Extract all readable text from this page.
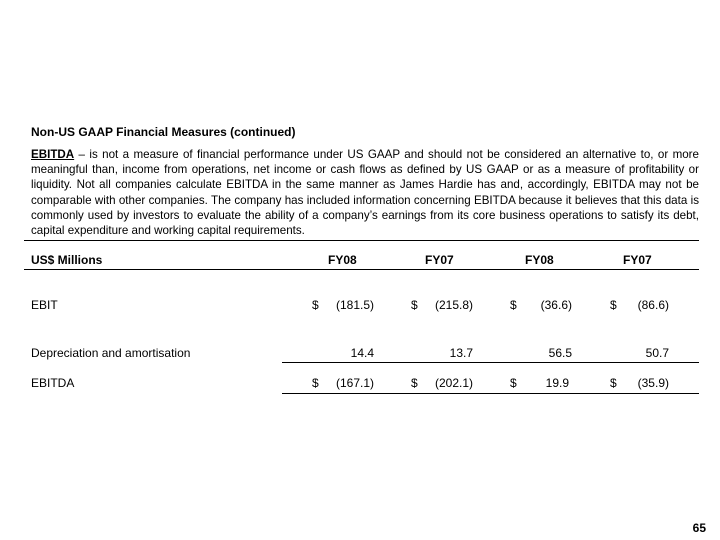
Non-US GAAP Financial Measures (continued)
EBITDA – is not a measure of financial performance under US GAAP and should not be considered an alternative to, or more meaningful than, income from operations, net income or cash flows as defined by US GAAP or as a measure of profitability or liquidity. Not all companies calculate EBITDA in the same manner as James Hardie has and, accordingly, EBITDA may not be comparable with other companies. The company has included information concerning EBITDA because it believes that this data is commonly used by investors to evaluate the ability of a company’s earnings from its core business operations to satisfy its debt, capital expenditure and working capital requirements.
US$ Millions	FY08	FY07	FY08	FY07
EBIT	$	(181.5)	$	(215.8)	$	(36.6)	$	(86.6)
Depreciation and amortisation	14.4	13.7	56.5	50.7
EBITDA	$	(167.1)	$	(202.1)	$	19.9	$	(35.9)
65
